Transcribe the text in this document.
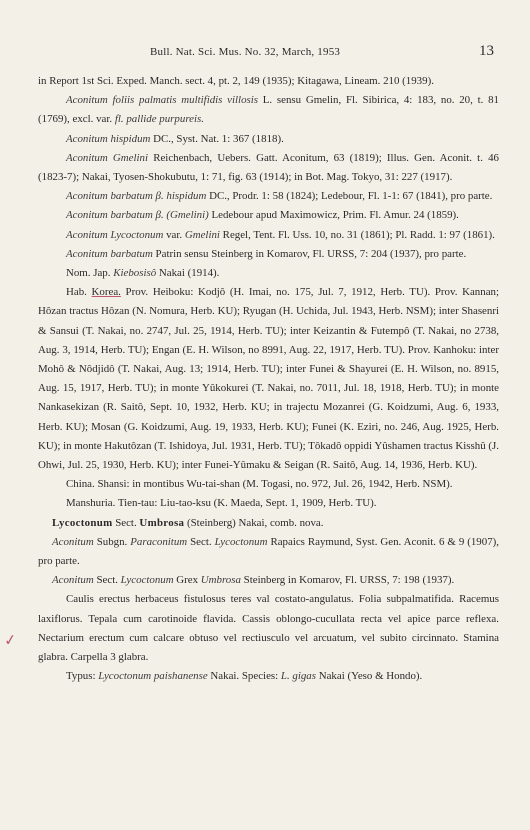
Bull. Nat. Sci. Mus. No. 32, March, 1953	13
✓

in Report 1st Sci. Exped. Manch. sect. 4, pt. 2, 149 (1935); Kitagawa, Lineam. 210 (1939).

Aconitum foliis palmatis multifidis villosis L. sensu Gmelin, Fl. Sibirica, 4: 183, no. 20, t. 81 (1769), excl. var. fl. pallide purpureis.

Aconitum hispidum DC., Syst. Nat. 1: 367 (1818).

Aconitum Gmelini Reichenbach, Uebers. Gatt. Aconitum, 63 (1819); Illus. Gen. Aconit. t. 46 (1823-7); Nakai, Tyosen-Shokubutu, 1: 71, fig. 63 (1914); in Bot. Mag. Tokyo, 31: 227 (1917).

Aconitum barbatum β. hispidum DC., Prodr. 1: 58 (1824); Ledebour, Fl. 1-1: 67 (1841), pro parte.

Aconitum barbatum β. (Gmelini) Ledebour apud Maximowicz, Prim. Fl. Amur. 24 (1859).

Aconitum Lycoctonum var. Gmelini Regel, Tent. Fl. Uss. 10, no. 31 (1861); Pl. Radd. 1: 97 (1861).

Aconitum barbatum Patrin sensu Steinberg in Komarov, Fl. URSS, 7: 204 (1937), pro parte.

Nom. Jap. Kiebosisô Nakai (1914).

Hab. Korea. Prov. Heiboku: Kodjô (H. Imai, no. 175, Jul. 7, 1912, Herb. TU). Prov. Kannan; Hôzan tractus Hôzan (N. Nomura, Herb. KU); Ryugan (H. Uchida, Jul. 1943, Herb. NSM); inter Shasenri & Sansui (T. Nakai, no. 2747, Jul. 25, 1914, Herb. TU); inter Keizantin & Futempô (T. Nakai, no 2738, Aug. 3, 1914, Herb. TU); Engan (E. H. Wilson, no 8991, Aug. 22, 1917, Herb. TU). Prov. Kanhoku: inter Mohô & Nôdjidô (T. Nakai, Aug. 13; 1914, Herb. TU); inter Funei & Shayurei (E. H. Wilson, no. 8915, Aug. 15, 1917, Herb. TU); in monte Yûkokurei (T. Nakai, no. 7011, Jul. 18, 1918, Herb. TU); in monte Nankasekizan (R. Saitô, Sept. 10, 1932, Herb. KU; in trajectu Mozanrei (G. Koidzumi, Aug. 6, 1933, Herb. KU); Mosan (G. Koidzumi, Aug. 19, 1933, Herb. KU); Funei (K. Eziri, no. 246, Aug. 1925, Herb. KU); in monte Hakutôzan (T. Ishidoya, Jul. 1931, Herb. TU); Tôkadô oppidi Yûshamen tractus Kisshû (J. Ohwi, Jul. 25, 1930, Herb. KU); inter Funei-Yûmaku & Seigan (R. Saitô, Aug. 14, 1936, Herb. KU).

China. Shansi: in montibus Wu-tai-shan (M. Togasi, no. 972, Jul. 26, 1942, Herb. NSM).

Manshuria. Tien-tau: Liu-tao-ksu (K. Maeda, Sept. 1, 1909, Herb. TU).

Lycoctonum Sect. Umbrosa (Steinberg) Nakai, comb. nova.

Aconitum Subgn. Paraconitum Sect. Lycoctonum Rapaics Raymund, Syst. Gen. Aconit. 6 & 9 (1907), pro parte.

Aconitum Sect. Lycoctonum Grex Umbrosa Steinberg in Komarov, Fl. URSS, 7: 198 (1937).

Caulis erectus herbaceus fistulosus teres val costato-angulatus. Folia subpalmatifida. Racemus laxiflorus. Tepala cum carotinoide flavida. Cassis oblongo-cucullata recta vel apice parce reflexa. Nectarium erectum cum calcare obtuso vel rectiusculo vel arcuatum, vel subito circinnato. Stamina glabra. Carpella 3 glabra.

Typus: Lycoctonum paishanense Nakai. Species: L. gigas Nakai (Yeso & Hondo).
